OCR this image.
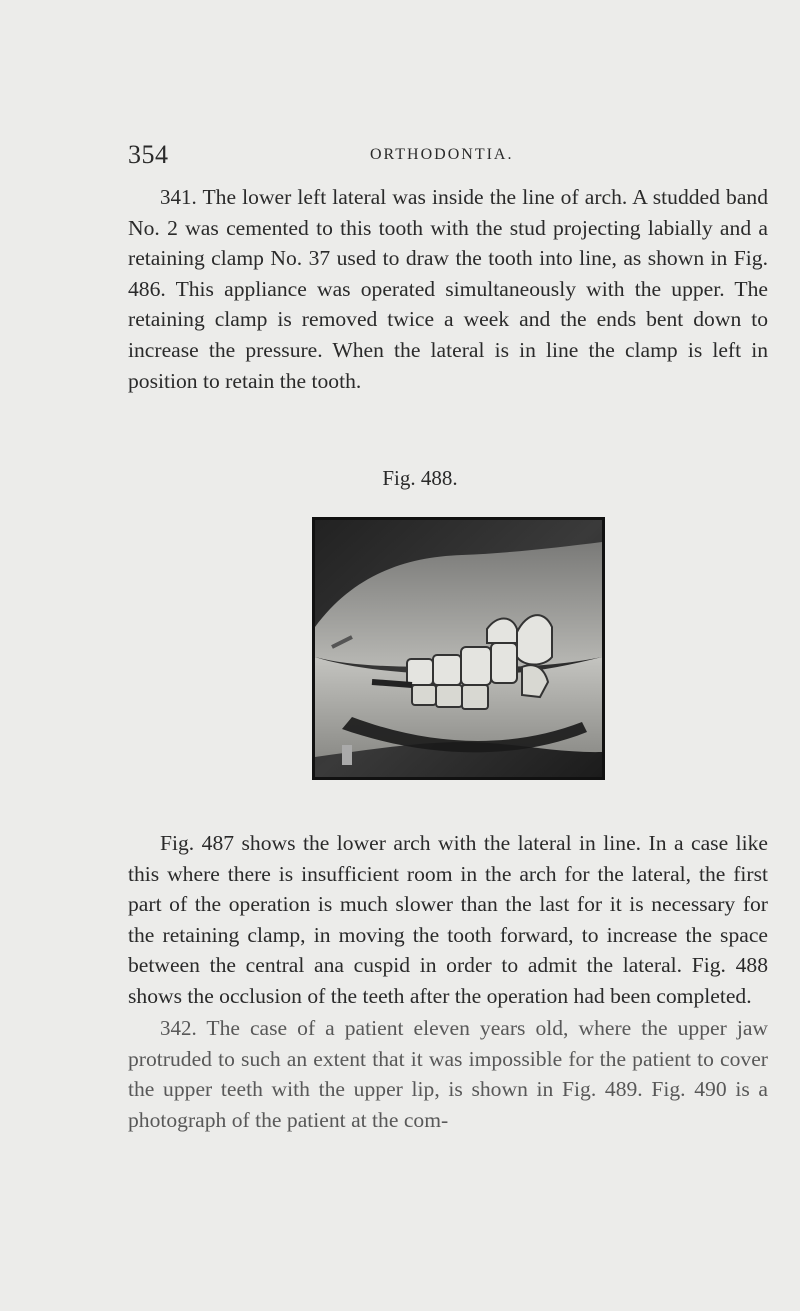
354	ORTHODONTIA.

341. The lower left lateral was inside the line of arch. A studded band No. 2 was cemented to this tooth with the stud projecting labially and a retaining clamp No. 37 used to draw the tooth into line, as shown in Fig. 486. This appliance was operated simultaneously with the upper. The retaining clamp is removed twice a week and the ends bent down to increase the pressure. When the lateral is in line the clamp is left in position to retain the tooth.

Fig. 488.

Fig. 487 shows the lower arch with the lateral in line. In a case like this where there is insufficient room in the arch for the lateral, the first part of the operation is much slower than the last for it is necessary for the retaining clamp, in moving the tooth forward, to increase the space between the central ana cuspid in order to admit the lateral. Fig. 488 shows the occlusion of the teeth after the operation had been completed.

342. The case of a patient eleven years old, where the upper jaw protruded to such an extent that it was impossible for the patient to cover the upper teeth with the upper lip, is shown in Fig. 489. Fig. 490 is a photograph of the patient at the com-
